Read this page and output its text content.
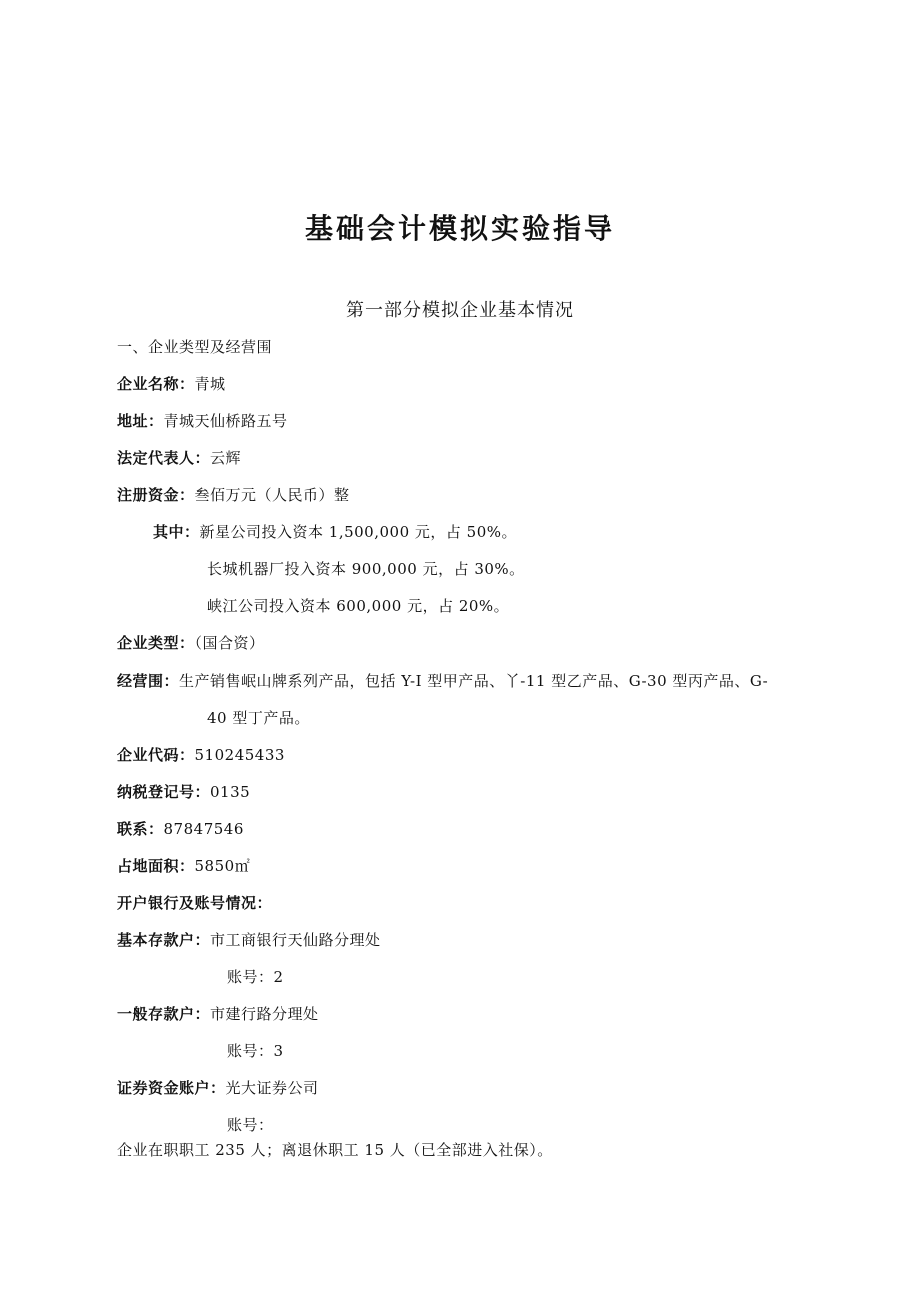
基础会计模拟实验指导
第一部分模拟企业基本情况
一、企业类型及经营围
企业名称：青城
地址：青城天仙桥路五号
法定代表人：云辉
注册资金：叁佰万元（人民币）整
其中：新星公司投入资本 1,500,000 元，占 50%。
长城机器厂投入资本 900,000 元，占 30%。
峡江公司投入资本 600,000 元，占 20%。
企业类型：（国合资）
经营围：生产销售岷山牌系列产品，包括 Y-I 型甲产品、丫-11 型乙产品、G-30 型丙产品、G-
40 型丁产品。
企业代码：510245433
纳税登记号：0135
联系：87847546
占地面积：5850㎡
开户银行及账号情况：
基本存款户：市工商银行天仙路分理处
账号：2
一般存款户：市建行路分理处
账号：3
证券资金账户：光大证券公司
账号：
企业在职职工 235 人；离退休职工 15 人（已全部进入社保）。
